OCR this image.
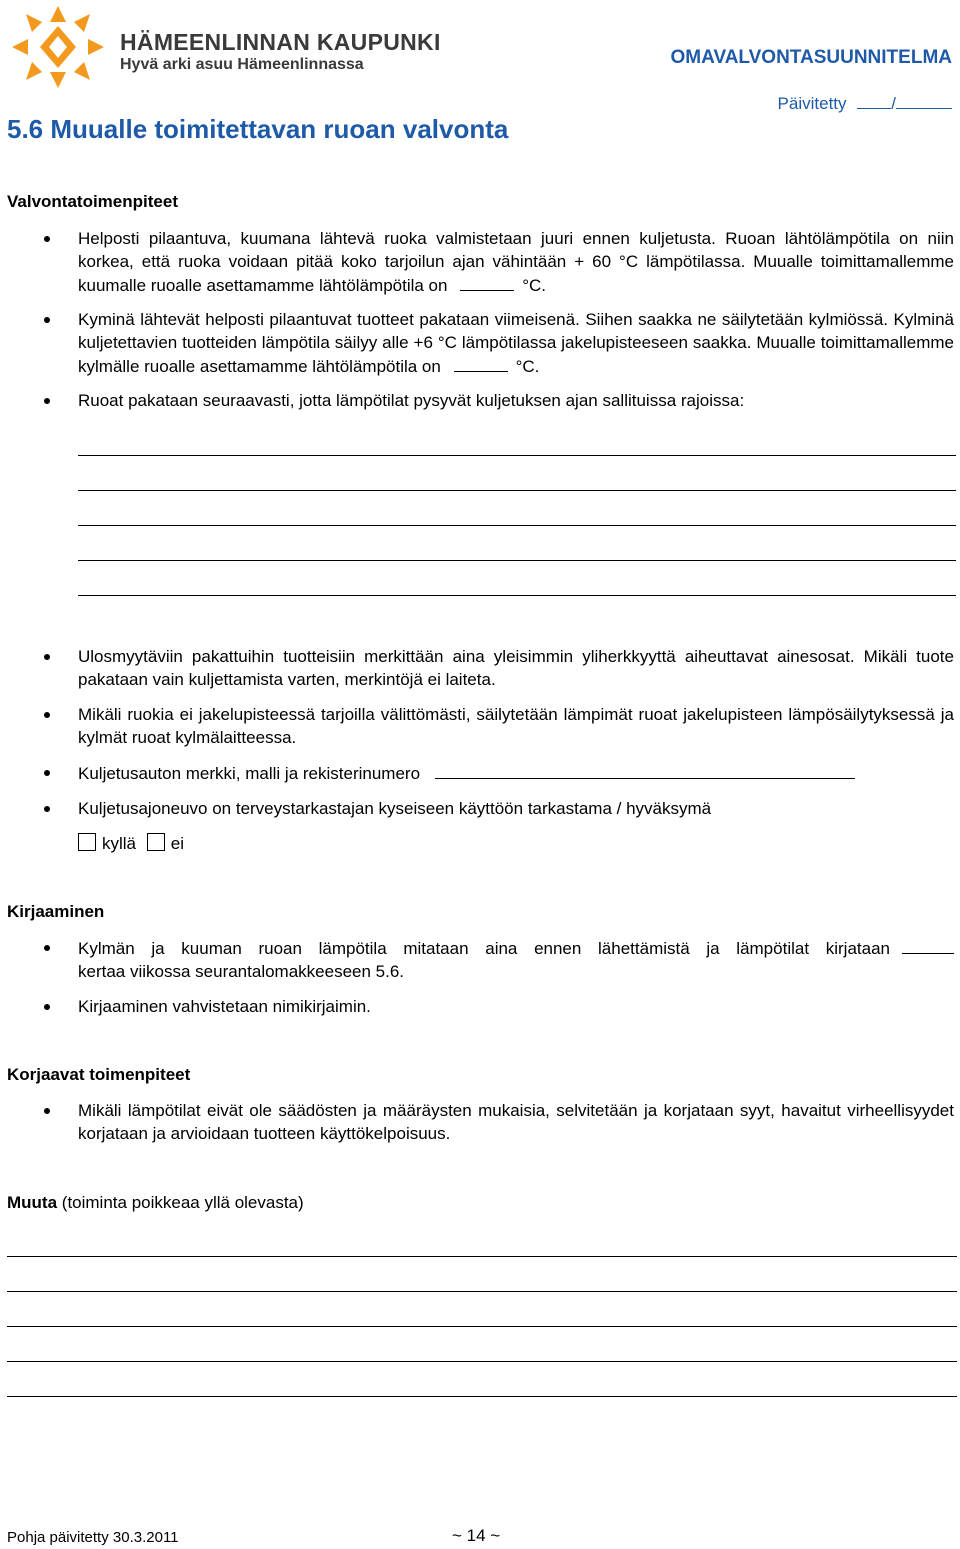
HÄMEENLINNAN KAUPUNKI
Hyvä arki asuu Hämeenlinnassa	OMAVALVONTASUUNNITELMA
Päivitetty	/
5.6 Muualle toimitettavan ruoan valvonta
Valvontatoimenpiteet
Helposti pilaantuva, kuumana lähtevä ruoka valmistetaan juuri ennen kuljetusta. Ruoan lähtölämpötila on niin korkea, että ruoka voidaan pitää koko tarjoilun ajan vähintään + 60 °C lämpötilassa. Muualle toimittamallemme kuumalle ruoalle asettamamme lähtölämpötila on	°C.
Kyminä lähtevät helposti pilaantuvat tuotteet pakataan viimeisenä. Siihen saakka ne säilytetään kylmiössä. Kylminä kuljetettavien tuotteiden lämpötila säilyy alle +6 °C lämpötilassa jakelupisteeseen saakka. Muualle toimittamallemme kylmälle ruoalle asettamamme lähtölämpötila on	°C.
Ruoat pakataan seuraavasti, jotta lämpötilat pysyvät kuljetuksen ajan sallituissa rajoissa:
Ulosmyytäviin pakattuihin tuotteisiin merkittään aina yleisimmin yliherkkyyttä aiheuttavat ainesosat. Mikäli tuote pakataan vain kuljettamista varten, merkintöjä ei laiteta.
Mikäli ruokia ei jakelupisteessä tarjoilla välittömästi, säilytetään lämpimät ruoat jakelupisteen lämpösäilytyksessä ja kylmät ruoat kylmälaitteessa.
Kuljetusauton merkki, malli ja rekisterinumero
Kuljetusajoneuvo on terveystarkastajan kyseiseen käyttöön tarkastama / hyväksymä
kyllä ei
Kirjaaminen
Kylmän ja kuuman ruoan lämpötila mitataan aina ennen lähettämistä ja lämpötilat kirjataan
kertaa viikossa seurantalomakkeeseen 5.6.
Kirjaaminen vahvistetaan nimikirjaimin.
Korjaavat toimenpiteet
Mikäli lämpötilat eivät ole säädösten ja määräysten mukaisia, selvitetään ja korjataan syyt, havaitut virheellisyydet korjataan ja arvioidaan tuotteen käyttökelpoisuus.
Muuta (toiminta poikkeaa yllä olevasta)
Pohja päivitetty 30.3.2011	~ 14 ~
